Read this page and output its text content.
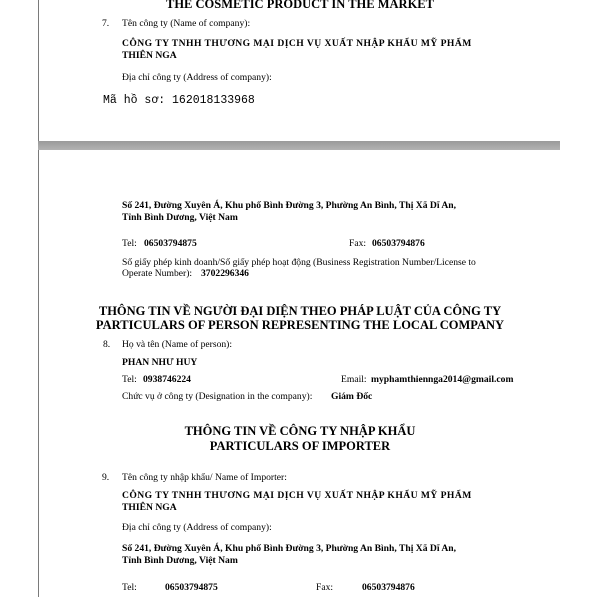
THE COSMETIC PRODUCT IN THE MARKET
7. Tên công ty (Name of company):
CÔNG TY TNHH THƯƠNG MẠI DỊCH VỤ XUẤT NHẬP KHẨU MỸ PHẨM
THIÊN NGA
Địa chỉ công ty (Address of company):
Mã hồ sơ: 162018133968
Số 241, Đường Xuyên Á, Khu phố Bình Đường 3, Phường An Bình, Thị Xã Dĩ An,
Tỉnh Bình Dương, Việt Nam
Tel: 06503794875	Fax: 06503794876
Số giấy phép kinh doanh/Số giấy phép hoạt động (Business Registration Number/License to
Operate Number): 3702296346
THÔNG TIN VỀ NGƯỜI ĐẠI DIỆN THEO PHÁP LUẬT CỦA CÔNG TY
PARTICULARS OF PERSON REPRESENTING THE LOCAL COMPANY
8. Họ và tên (Name of person):
PHAN NHƯ HUY
Tel: 0938746224	Email: myphamthiennga2014@gmail.com
Chức vụ ở công ty (Designation in the company): Giám Đốc
THÔNG TIN VỀ CÔNG TY NHẬP KHẨU
PARTICULARS OF IMPORTER
9. Tên công ty nhập khẩu/ Name of Importer:
CÔNG TY TNHH THƯƠNG MẠI DỊCH VỤ XUẤT NHẬP KHẨU MỸ PHẨM
THIÊN NGA
Địa chỉ công ty (Address of company):
Số 241, Đường Xuyên Á, Khu phố Bình Đường 3, Phường An Bình, Thị Xã Dĩ An,
Tỉnh Bình Dương, Việt Nam
Tel:	06503794875	Fax:	06503794876
